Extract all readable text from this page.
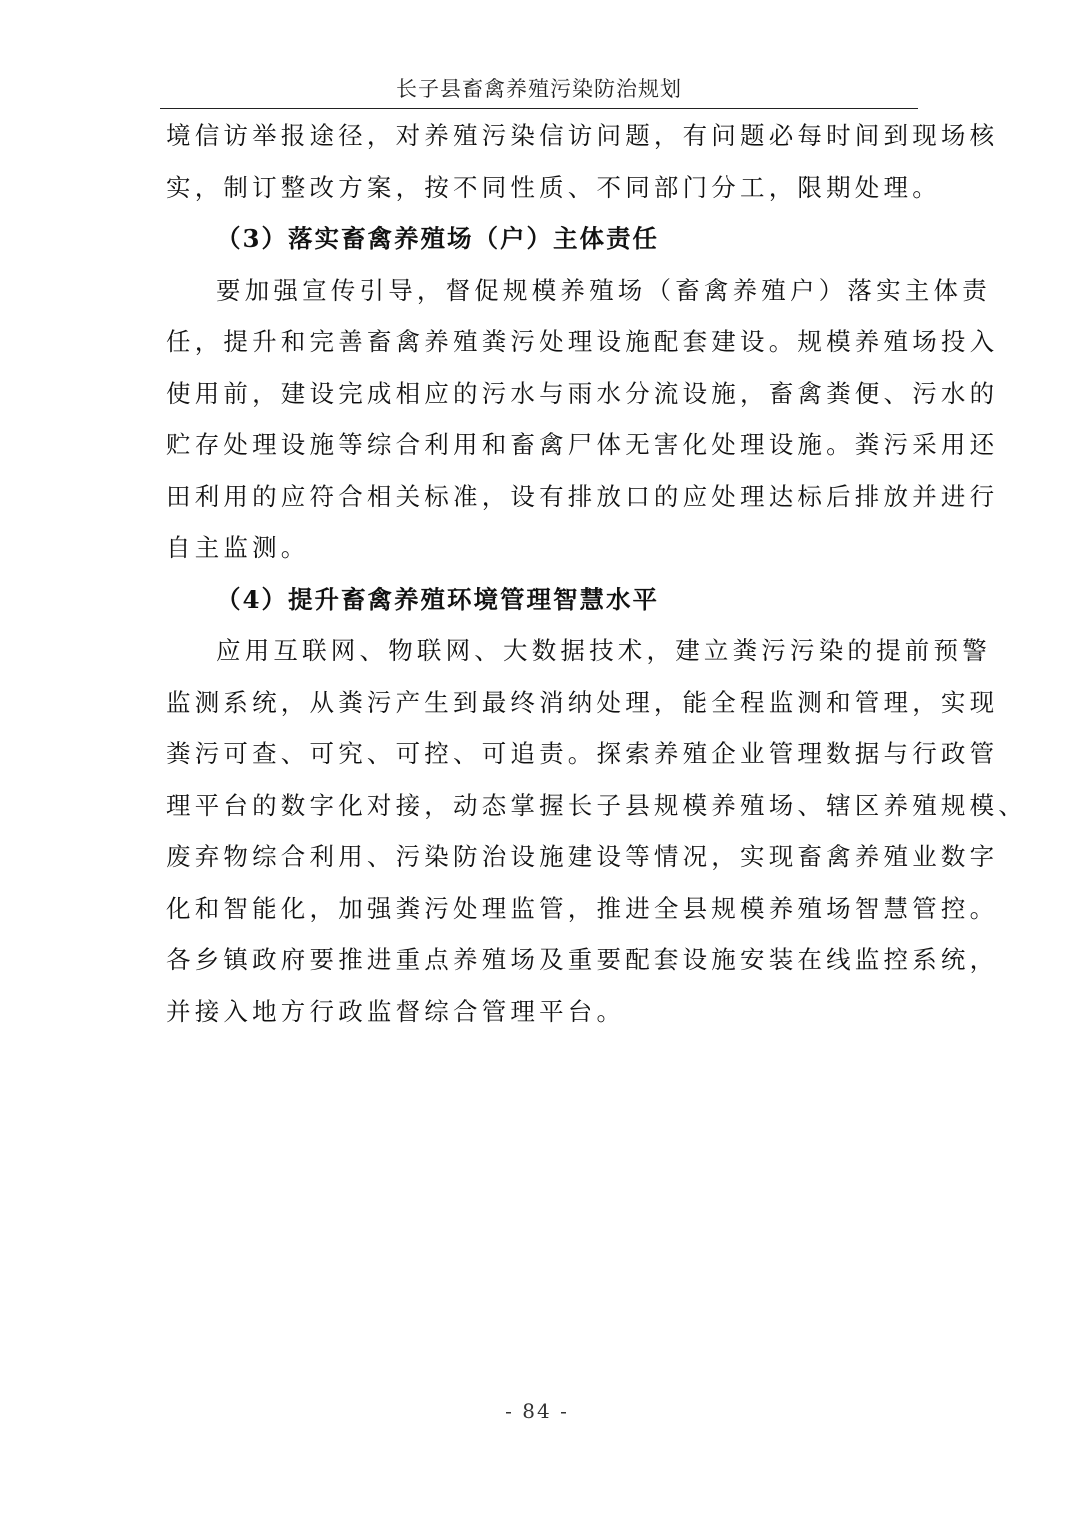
长子县畜禽养殖污染防治规划
境信访举报途径，对养殖污染信访问题，有问题必每时间到现场核
实，制订整改方案，按不同性质、不同部门分工，限期处理。
（3）落实畜禽养殖场（户）主体责任
要加强宣传引导，督促规模养殖场（畜禽养殖户）落实主体责
任，提升和完善畜禽养殖粪污处理设施配套建设。规模养殖场投入
使用前，建设完成相应的污水与雨水分流设施，畜禽粪便、污水的
贮存处理设施等综合利用和畜禽尸体无害化处理设施。粪污采用还
田利用的应符合相关标准，设有排放口的应处理达标后排放并进行
自主监测。
（4）提升畜禽养殖环境管理智慧水平
应用互联网、物联网、大数据技术，建立粪污污染的提前预警
监测系统，从粪污产生到最终消纳处理，能全程监测和管理，实现
粪污可查、可究、可控、可追责。探索养殖企业管理数据与行政管
理平台的数字化对接，动态掌握长子县规模养殖场、辖区养殖规模、
废弃物综合利用、污染防治设施建设等情况，实现畜禽养殖业数字
化和智能化，加强粪污处理监管，推进全县规模养殖场智慧管控。
各乡镇政府要推进重点养殖场及重要配套设施安装在线监控系统，
并接入地方行政监督综合管理平台。
- 84 -
